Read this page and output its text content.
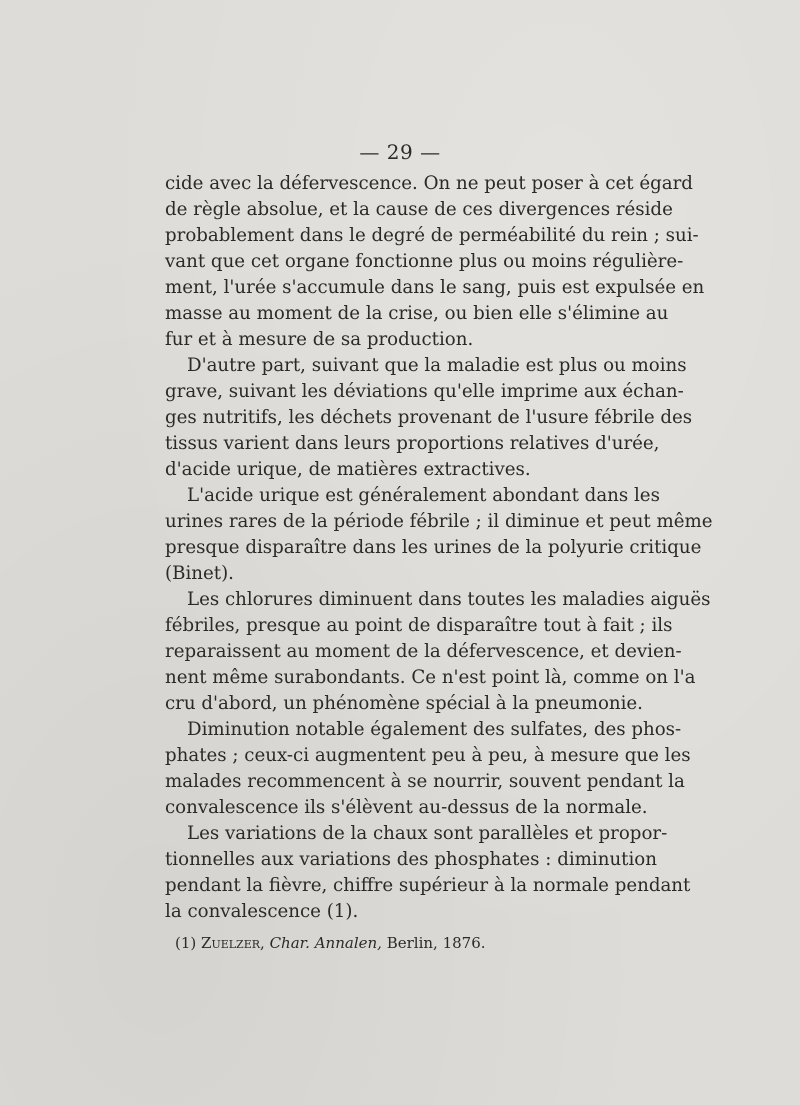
— 29 —
cide avec la défervescence. On ne peut poser à cet égard
de règle absolue, et la cause de ces divergences réside
probablement dans le degré de perméabilité du rein ; sui-
vant que cet organe fonctionne plus ou moins régulière-
ment, l'urée s'accumule dans le sang, puis est expulsée en
masse au moment de la crise, ou bien elle s'élimine au
fur et à mesure de sa production.
D'autre part, suivant que la maladie est plus ou moins
grave, suivant les déviations qu'elle imprime aux échan-
ges nutritifs, les déchets provenant de l'usure fébrile des
tissus varient dans leurs proportions relatives d'urée,
d'acide urique, de matières extractives.
L'acide urique est généralement abondant dans les
urines rares de la période fébrile ; il diminue et peut même
presque disparaître dans les urines de la polyurie critique
(Binet).
Les chlorures diminuent dans toutes les maladies aiguës
fébriles, presque au point de disparaître tout à fait ; ils
reparaissent au moment de la défervescence, et devien-
nent même surabondants. Ce n'est point là, comme on l'a
cru d'abord, un phénomène spécial à la pneumonie.
Diminution notable également des sulfates, des phos-
phates ; ceux-ci augmentent peu à peu, à mesure que les
malades recommencent à se nourrir, souvent pendant la
convalescence ils s'élèvent au-dessus de la normale.
Les variations de la chaux sont parallèles et propor-
tionnelles aux variations des phosphates : diminution
pendant la fièvre, chiffre supérieur à la normale pendant
la convalescence (1).
(1) Zuelzer, Char. Annalen, Berlin, 1876.
